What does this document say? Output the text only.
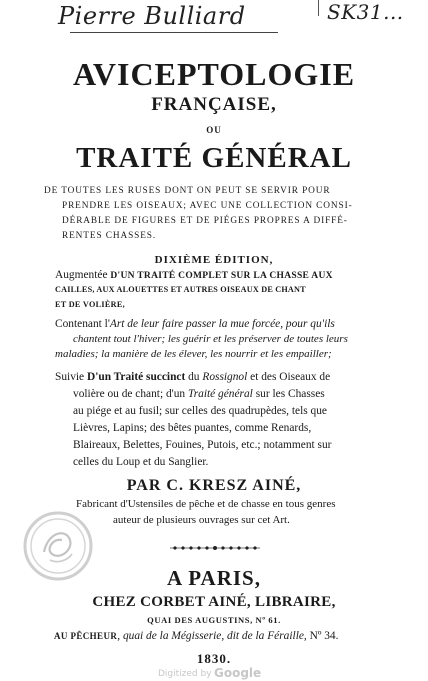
Pierre Bulliard	SK31...
AVICEPTOLOGIE
FRANÇAISE,
OU
TRAITÉ GÉNÉRAL
DE TOUTES LES RUSES DONT ON PEUT SE SERVIR POUR
PRENDRE LES OISEAUX; AVEC UNE COLLECTION CONSI-
DÉRABLE DE FIGURES ET DE PIÉGES PROPRES A DIFFÉ-
RENTES CHASSES.
DIXIÈME ÉDITION,
Augmentée D'UN TRAITÉ COMPLET SUR LA CHASSE AUX
CAILLES, AUX ALOUETTES ET AUTRES OISEAUX DE CHANT
ET DE VOLIÈRE,
Contenant l'Art de leur faire passer la mue forcée, pour qu'ils
chantent tout l'hiver; les guérir et les préserver de toutes leurs
maladies; la manière de les élever, les nourrir et les empailler;
Suivie D'un Traité succinct du Rossignol et des Oiseaux de
volière ou de chant; d'un Traité général sur les Chasses
au piége et au fusil; sur celles des quadrupèdes, tels que
Lièvres, Lapins; des bêtes puantes, comme Renards,
Blaireaux, Belettes, Fouines, Putois, etc.; notamment sur
celles du Loup et du Sanglier.
PAR C. KRESZ AINÉ,
Fabricant d'Ustensiles de pêche et de chasse en tous genres
auteur de plusieurs ouvrages sur cet Art.
A PARIS,
CHEZ CORBET AINÉ, LIBRAIRE,
QUAI DES AUGUSTINS, Nº 61.
AU PÊCHEUR, quai de la Mégisserie, dit de la Féraille, Nº 34.
1830.
Digitized by Google
